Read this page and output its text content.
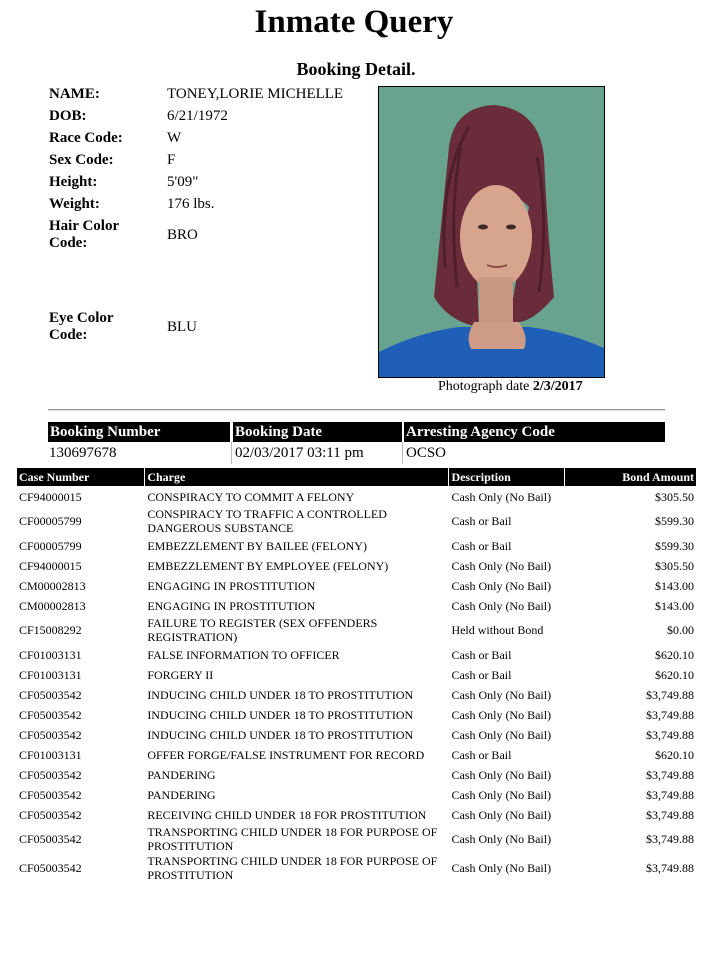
Inmate Query
Booking Detail.
NAME:	TONEY,LORIE MICHELLE
DOB:	6/21/1972
Race Code:	W
Sex Code:	F
Height:	5'09"
Weight:	176 lbs.
Hair Color Code:	BRO
Eye Color Code:	BLU
Photograph date 2/3/2017
Booking Number	Booking Date	Arresting Agency Code
130697678	02/03/2017 03:11 pm	OCSO
Case Number	Charge	Description	Bond Amount
CF94000015	CONSPIRACY TO COMMIT A FELONY	Cash Only (No Bail)	$305.50
CF00005799	CONSPIRACY TO TRAFFIC A CONTROLLED DANGEROUS SUBSTANCE	Cash or Bail	$599.30
CF00005799	EMBEZZLEMENT BY BAILEE (FELONY)	Cash or Bail	$599.30
CF94000015	EMBEZZLEMENT BY EMPLOYEE (FELONY)	Cash Only (No Bail)	$305.50
CM00002813	ENGAGING IN PROSTITUTION	Cash Only (No Bail)	$143.00
CM00002813	ENGAGING IN PROSTITUTION	Cash Only (No Bail)	$143.00
CF15008292	FAILURE TO REGISTER (SEX OFFENDERS REGISTRATION)	Held without Bond	$0.00
CF01003131	FALSE INFORMATION TO OFFICER	Cash or Bail	$620.10
CF01003131	FORGERY II	Cash or Bail	$620.10
CF05003542	INDUCING CHILD UNDER 18 TO PROSTITUTION	Cash Only (No Bail)	$3,749.88
CF05003542	INDUCING CHILD UNDER 18 TO PROSTITUTION	Cash Only (No Bail)	$3,749.88
CF05003542	INDUCING CHILD UNDER 18 TO PROSTITUTION	Cash Only (No Bail)	$3,749.88
CF01003131	OFFER FORGE/FALSE INSTRUMENT FOR RECORD	Cash or Bail	$620.10
CF05003542	PANDERING	Cash Only (No Bail)	$3,749.88
CF05003542	PANDERING	Cash Only (No Bail)	$3,749.88
CF05003542	RECEIVING CHILD UNDER 18 FOR PROSTITUTION	Cash Only (No Bail)	$3,749.88
CF05003542	TRANSPORTING CHILD UNDER 18 FOR PURPOSE OF PROSTITUTION	Cash Only (No Bail)	$3,749.88
CF05003542	TRANSPORTING CHILD UNDER 18 FOR PURPOSE OF PROSTITUTION	Cash Only (No Bail)	$3,749.88
